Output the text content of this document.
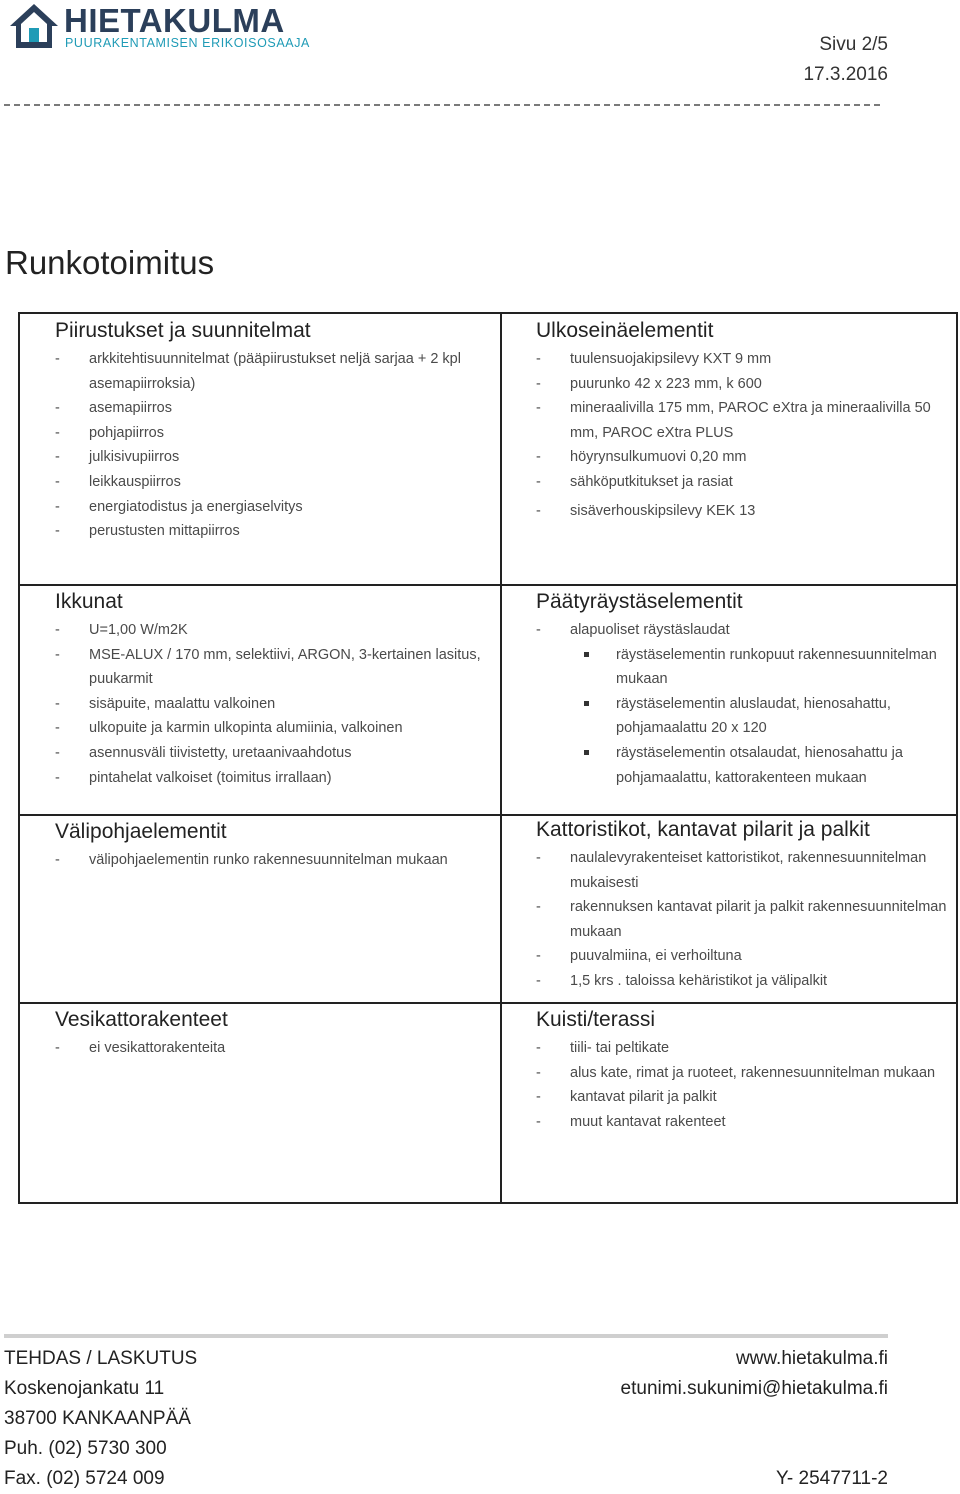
HIETAKULMA
PUURAKENTAMISEN ERIKOISOSAAJA	Sivu 2/5
17.3.2016
Runkotoimitus
Piirustukset ja suunnitelmat
- arkkitehtisuunnitelmat (pääpiirustukset neljä sarjaa + 2 kpl asemapiirroksia)
- asemapiirros
- pohjapiirros
- julkisivupiirros
- leikkauspiirros
- energiatodistus ja energiaselvitys
- perustusten mittapiirros
Ulkoseinäelementit
- tuulensuojakipsilevy KXT 9 mm
- puurunko 42 x 223 mm, k 600
- mineraalivilla 175 mm, PAROC eXtra ja mineraalivilla 50 mm, PAROC eXtra PLUS
- höyrynsulkumuovi 0,20 mm
- sähköputkitukset ja rasiat
- sisäverhouskipsilevy KEK 13
Ikkunat
- U=1,00 W/m2K
- MSE-ALUX / 170 mm, selektiivi, ARGON, 3-kertainen lasitus, puukarmit
- sisäpuite, maalattu valkoinen
- ulkopuite ja karmin ulkopinta alumiinia, valkoinen
- asennusväli tiivistetty, uretaanivaahdotus
- pintahelat valkoiset (toimitus irrallaan)
Päätyräystäselementit
- alapuoliset räystäslaudat
räystäselementin runkopuut rakennesuunnitelman mukaan
räystäselementin aluslaudat, hienosahattu, pohjamaalattu 20 x 120
räystäselementin otsalaudat, hienosahattu ja pohjamaalattu, kattorakenteen mukaan
Välipohjaelementit
- välipohjaelementin runko rakennesuunnitelman mukaan
Kattoristikot, kantavat pilarit ja palkit
- naulalevyrakenteiset kattoristikot, rakennesuunnitelman mukaisesti
- rakennuksen kantavat pilarit ja palkit rakennesuunnitelman mukaan
- puuvalmiina, ei verhoiltuna
- 1,5 krs . taloissa kehäristikot ja välipalkit
Vesikattorakenteet
- ei vesikattorakenteita
Kuisti/terassi
- tiili- tai peltikate
- alus kate, rimat ja ruoteet, rakennesuunnitelman mukaan
- kantavat pilarit ja palkit
- muut kantavat rakenteet
TEHDAS / LASKUTUS
Koskenojankatu 11
38700 KANKAANPÄÄ
Puh. (02) 5730 300
Fax. (02) 5724 009
www.hietakulma.fi
etunimi.sukunimi@hietakulma.fi

Y- 2547711-2
